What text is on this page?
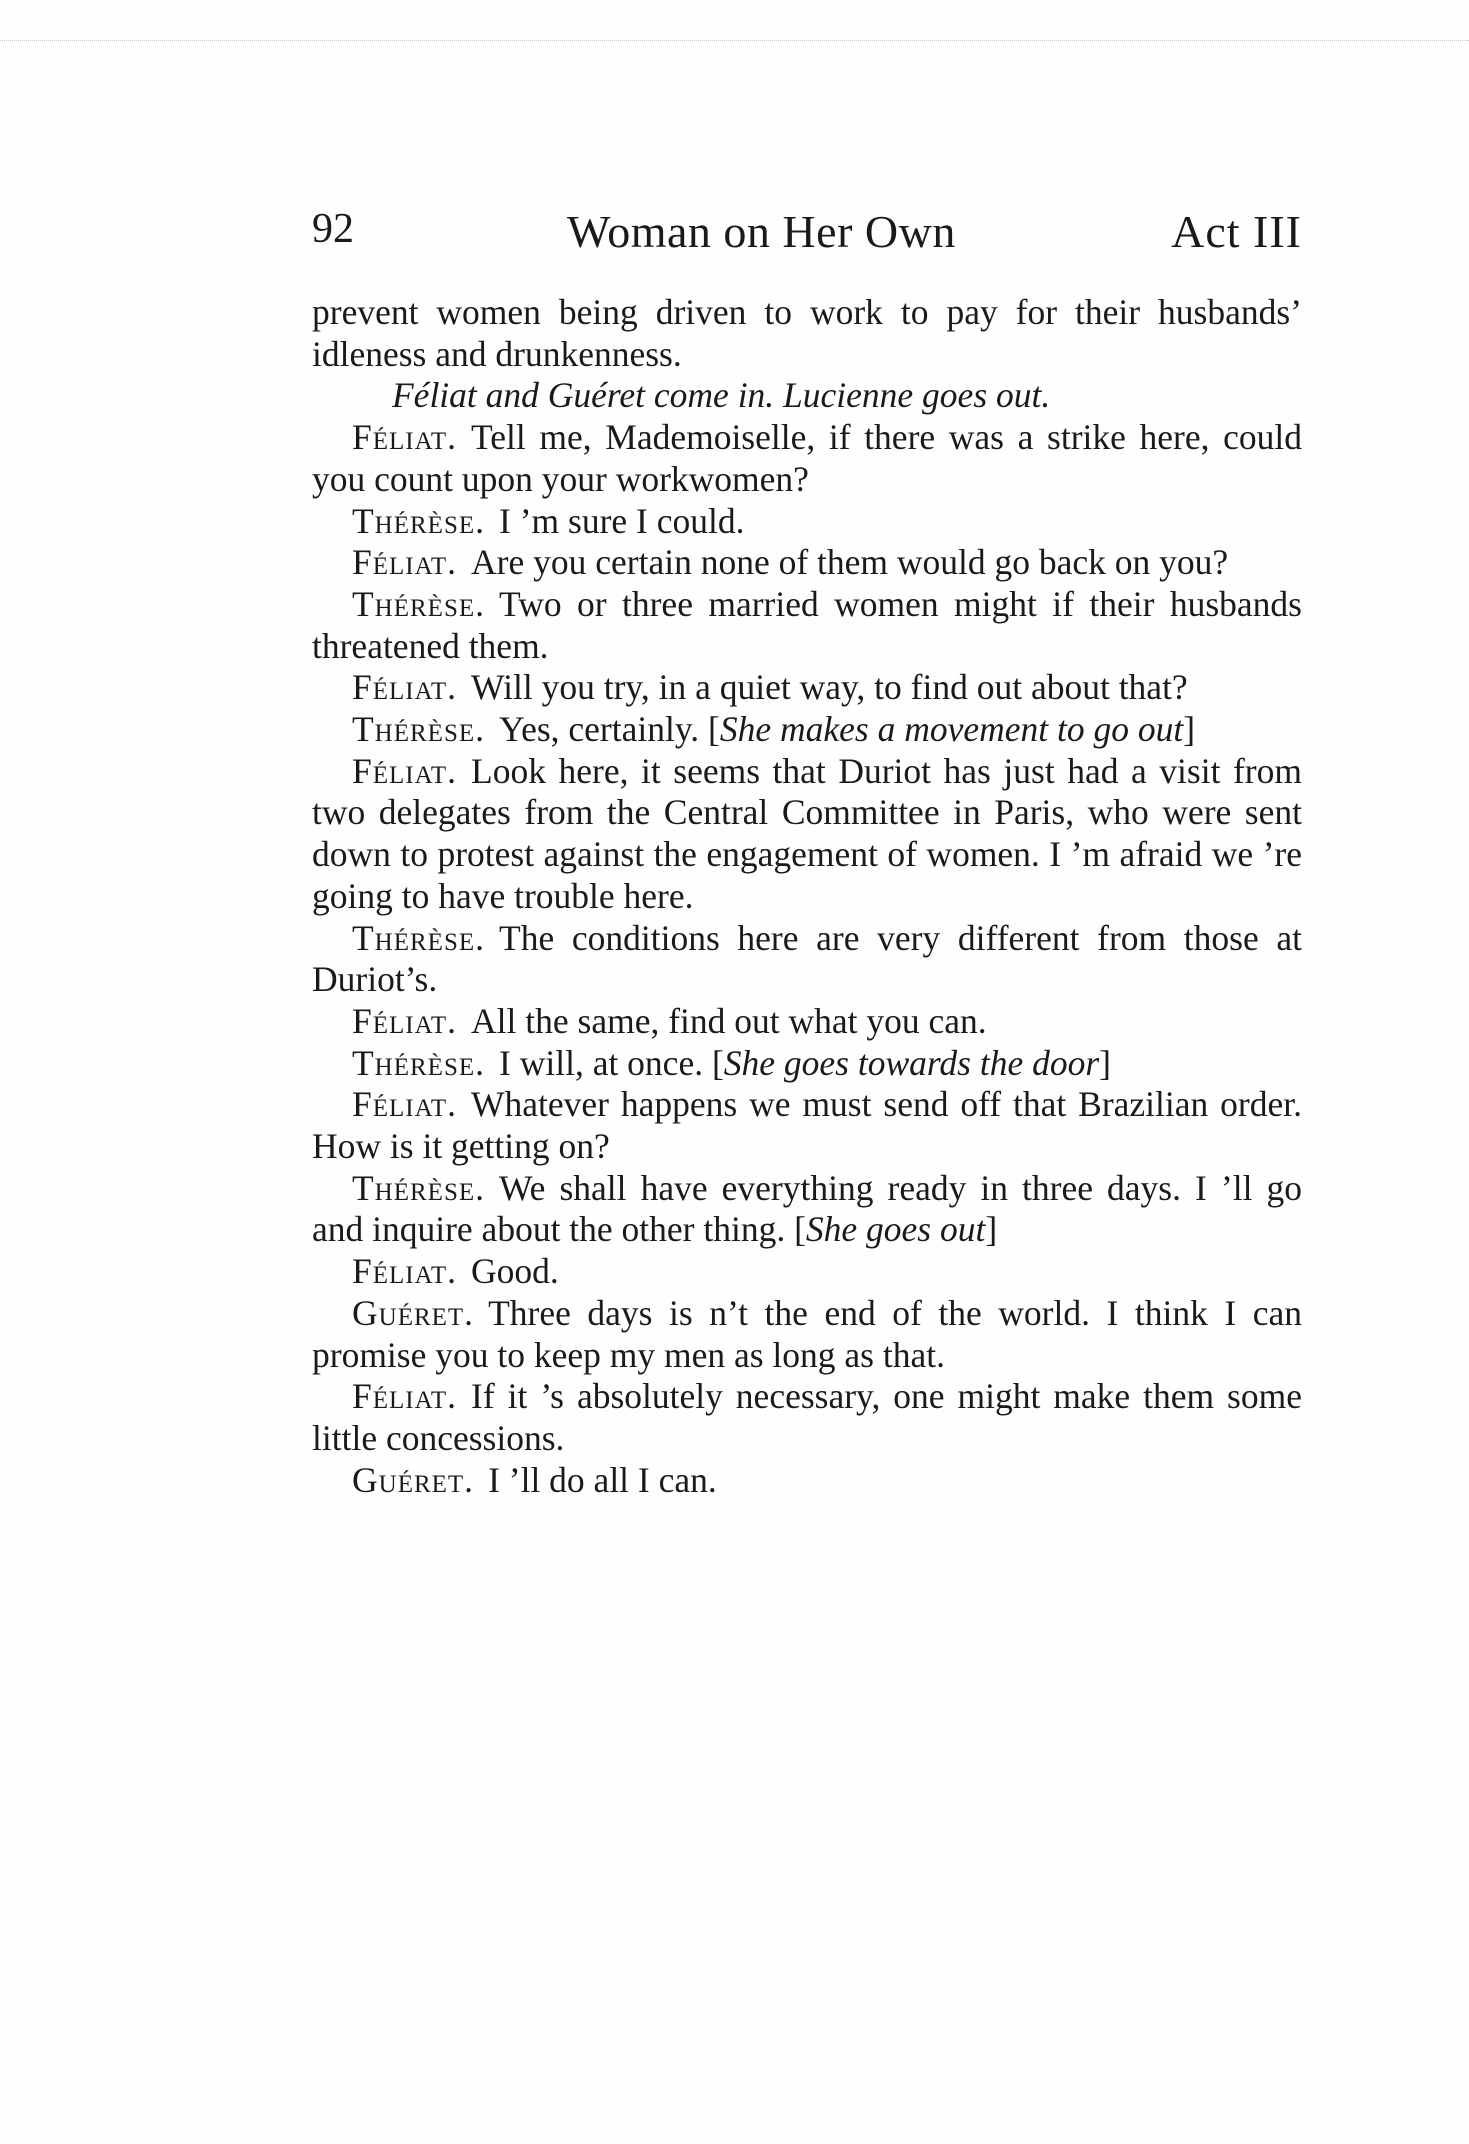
92	Woman on Her Own	Act III

prevent women being driven to work to pay for their husbands’ idleness and drunkenness.

Féliat and Guéret come in. Lucienne goes out.

Féliat. Tell me, Mademoiselle, if there was a strike here, could you count upon your workwomen?

Thérèse. I ’m sure I could.

Féliat. Are you certain none of them would go back on you?

Thérèse. Two or three married women might if their husbands threatened them.

Féliat. Will you try, in a quiet way, to find out about that?

Thérèse. Yes, certainly. [She makes a movement to go out]

Féliat. Look here, it seems that Duriot has just had a visit from two delegates from the Central Committee in Paris, who were sent down to protest against the engagement of women. I ’m afraid we ’re going to have trouble here.

Thérèse. The conditions here are very different from those at Duriot’s.

Féliat. All the same, find out what you can.

Thérèse. I will, at once. [She goes towards the door]

Féliat. Whatever happens we must send off that Brazilian order. How is it getting on?

Thérèse. We shall have everything ready in three days. I ’ll go and inquire about the other thing. [She goes out]

Féliat. Good.

Guéret. Three days is n’t the end of the world. I think I can promise you to keep my men as long as that.

Féliat. If it ’s absolutely necessary, one might make them some little concessions.

Guéret. I ’ll do all I can.
